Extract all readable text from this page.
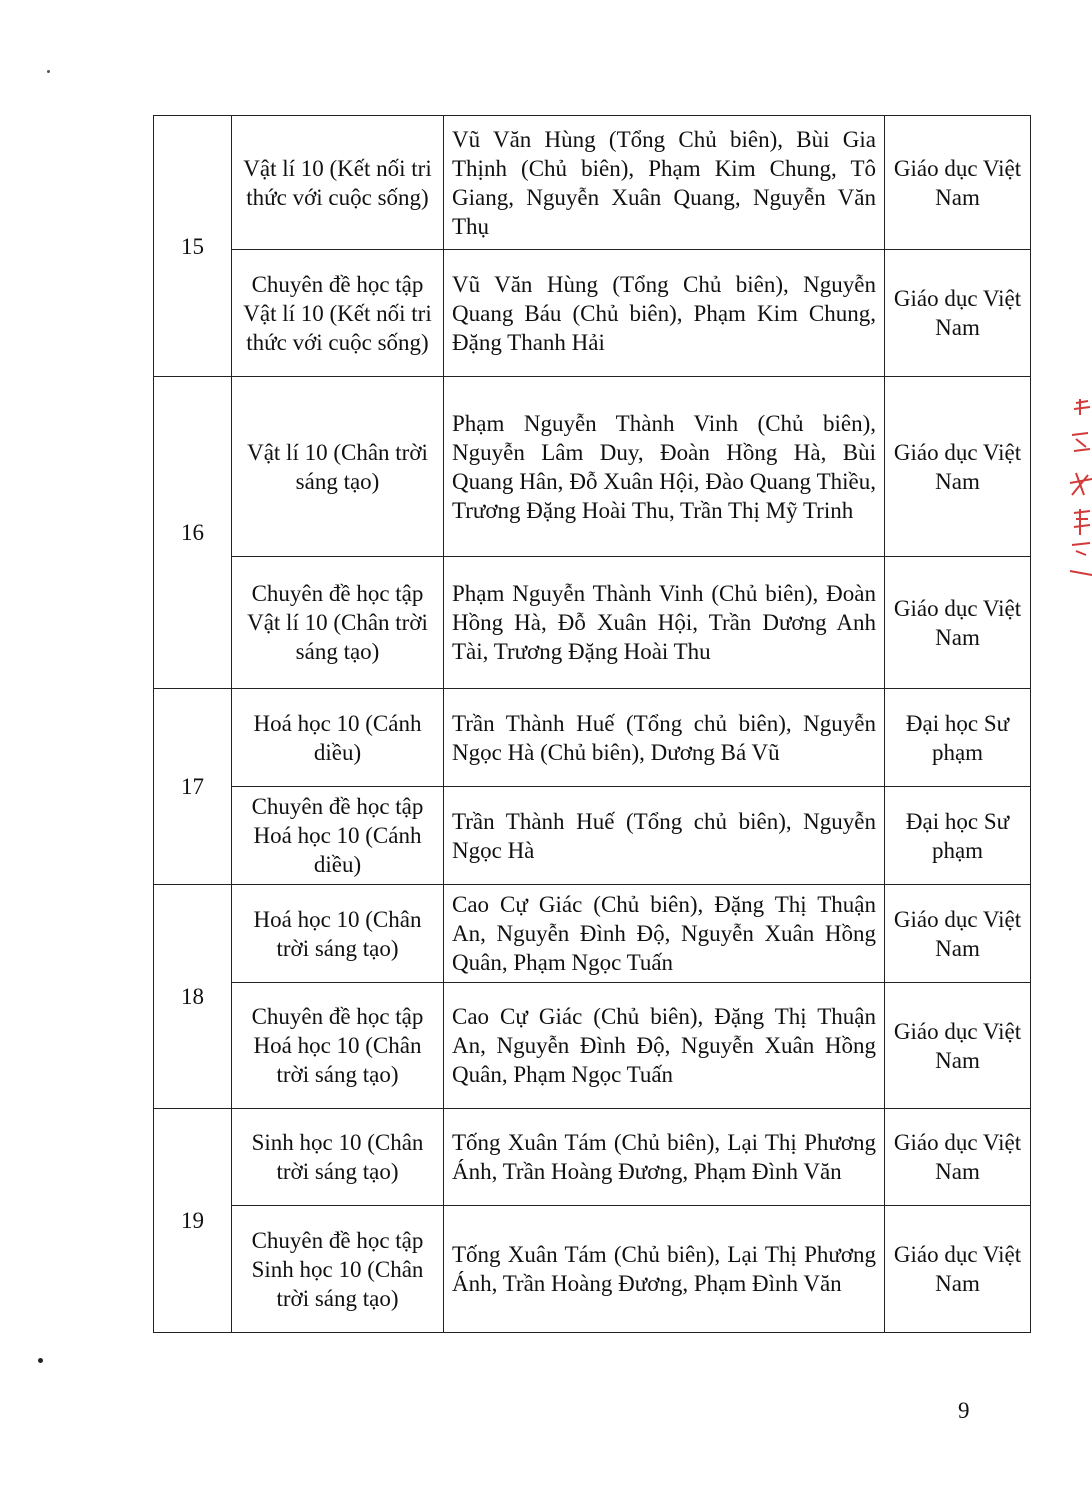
15	Vật lí 10 (Kết nối tri thức với cuộc sống)	Vũ Văn Hùng (Tổng Chủ biên), Bùi Gia Thịnh (Chủ biên), Phạm Kim Chung, Tô Giang, Nguyễn Xuân Quang, Nguyễn Văn Thụ	Giáo dục Việt Nam
	Chuyên đề học tập Vật lí 10 (Kết nối tri thức với cuộc sống)	Vũ Văn Hùng (Tổng Chủ biên), Nguyễn Quang Báu (Chủ biên), Phạm Kim Chung, Đặng Thanh Hải	Giáo dục Việt Nam
16	Vật lí 10 (Chân trời sáng tạo)	Phạm Nguyễn Thành Vinh (Chủ biên), Nguyễn Lâm Duy, Đoàn Hồng Hà, Bùi Quang Hân, Đỗ Xuân Hội, Đào Quang Thiều, Trương Đặng Hoài Thu, Trần Thị Mỹ Trinh	Giáo dục Việt Nam
	Chuyên đề học tập Vật lí 10 (Chân trời sáng tạo)	Phạm Nguyễn Thành Vinh (Chủ biên), Đoàn Hồng Hà, Đỗ Xuân Hội, Trần Dương Anh Tài, Trương Đặng Hoài Thu	Giáo dục Việt Nam
17	Hoá học 10 (Cánh diều)	Trần Thành Huế (Tổng chủ biên), Nguyễn Ngọc Hà (Chủ biên), Dương Bá Vũ	Đại học Sư phạm
	Chuyên đề học tập Hoá học 10 (Cánh diều)	Trần Thành Huế (Tổng chủ biên), Nguyễn Ngọc Hà	Đại học Sư phạm
18	Hoá học 10 (Chân trời sáng tạo)	Cao Cự Giác (Chủ biên), Đặng Thị Thuận An, Nguyễn Đình Độ, Nguyễn Xuân Hồng Quân, Phạm Ngọc Tuấn	Giáo dục Việt Nam
	Chuyên đề học tập Hoá học 10 (Chân trời sáng tạo)	Cao Cự Giác (Chủ biên), Đặng Thị Thuận An, Nguyễn Đình Độ, Nguyễn Xuân Hồng Quân, Phạm Ngọc Tuấn	Giáo dục Việt Nam
19	Sinh học 10 (Chân trời sáng tạo)	Tống Xuân Tám (Chủ biên), Lại Thị Phương Ánh, Trần Hoàng Đương, Phạm Đình Văn	Giáo dục Việt Nam
	Chuyên đề học tập Sinh học 10 (Chân trời sáng tạo)	Tống Xuân Tám (Chủ biên), Lại Thị Phương Ánh, Trần Hoàng Đương, Phạm Đình Văn	Giáo dục Việt Nam
9
